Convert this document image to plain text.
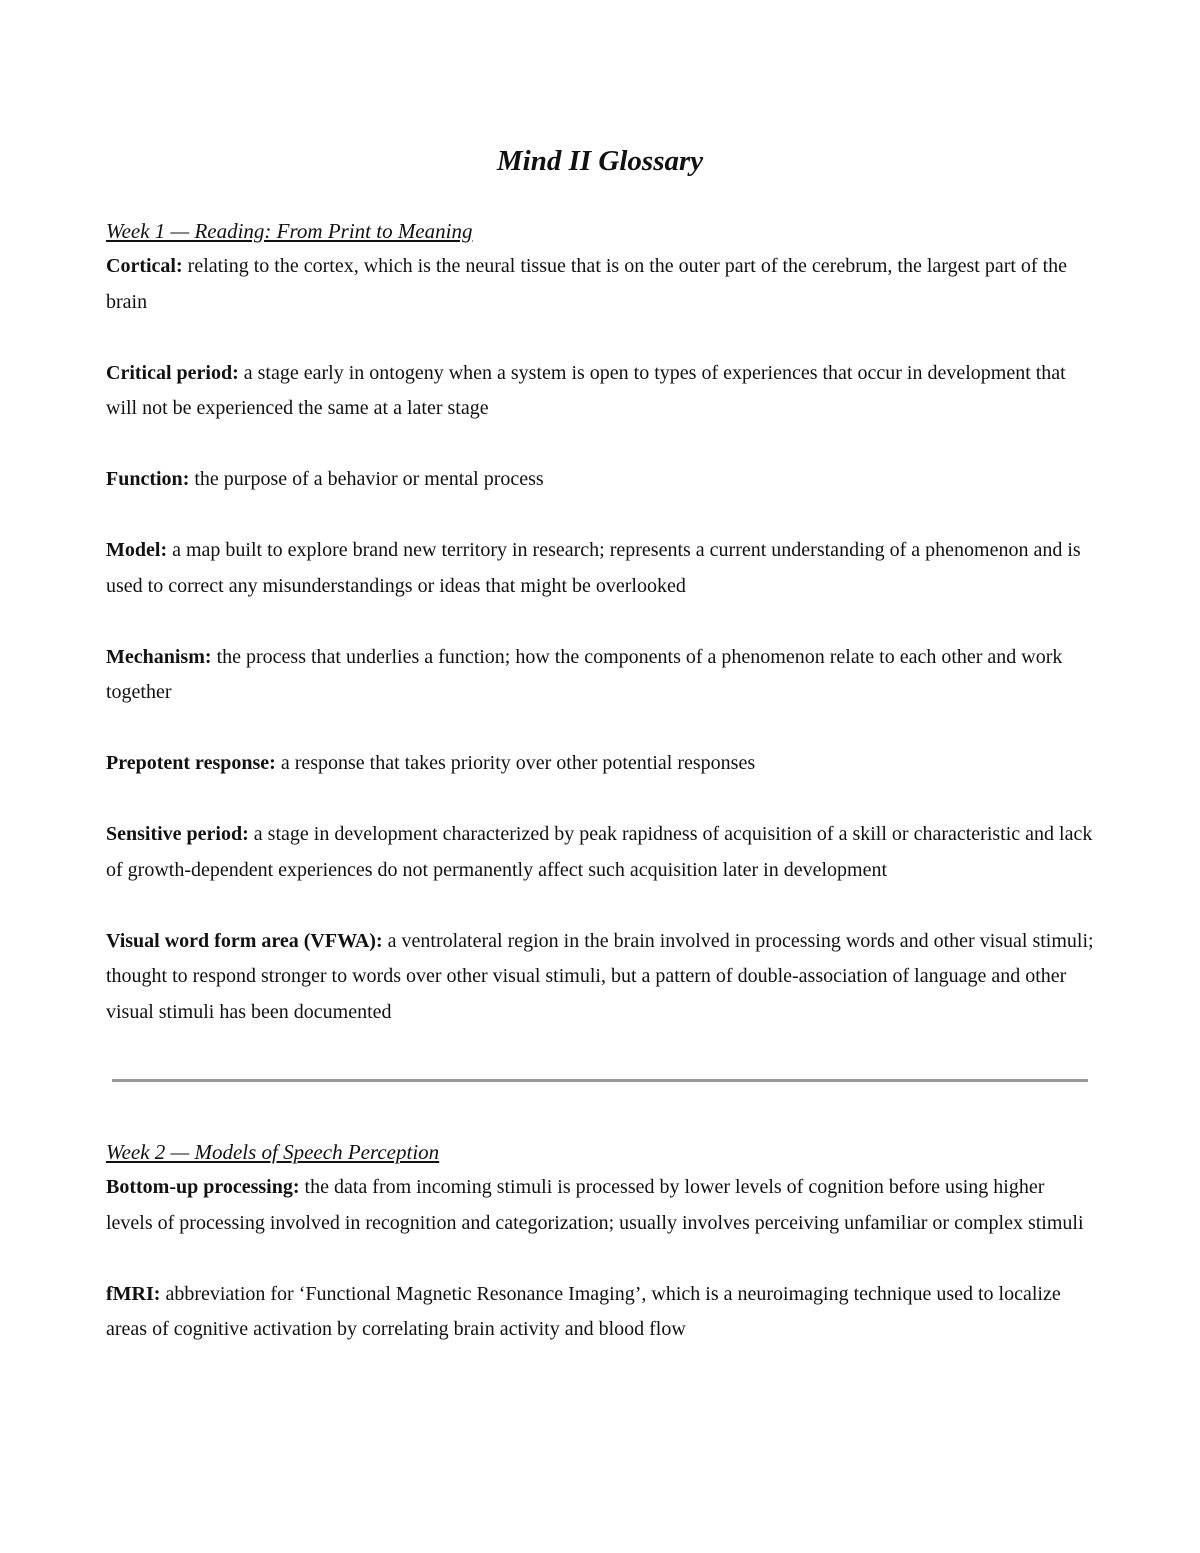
Mind II Glossary

Week 1 — Reading: From Print to Meaning

Cortical: relating to the cortex, which is the neural tissue that is on the outer part of the cerebrum, the largest part of the brain

Critical period: a stage early in ontogeny when a system is open to types of experiences that occur in development that will not be experienced the same at a later stage

Function: the purpose of a behavior or mental process

Model: a map built to explore brand new territory in research; represents a current understanding of a phenomenon and is used to correct any misunderstandings or ideas that might be overlooked

Mechanism: the process that underlies a function; how the components of a phenomenon relate to each other and work together

Prepotent response: a response that takes priority over other potential responses

Sensitive period: a stage in development characterized by peak rapidness of acquisition of a skill or characteristic and lack of growth-dependent experiences do not permanently affect such acquisition later in development

Visual word form area (VFWA): a ventrolateral region in the brain involved in processing words and other visual stimuli; thought to respond stronger to words over other visual stimuli, but a pattern of double-association of language and other visual stimuli has been documented

Week 2 — Models of Speech Perception

Bottom-up processing: the data from incoming stimuli is processed by lower levels of cognition before using higher levels of processing involved in recognition and categorization; usually involves perceiving unfamiliar or complex stimuli

fMRI: abbreviation for ‘Functional Magnetic Resonance Imaging’, which is a neuroimaging technique used to localize areas of cognitive activation by correlating brain activity and blood flow
